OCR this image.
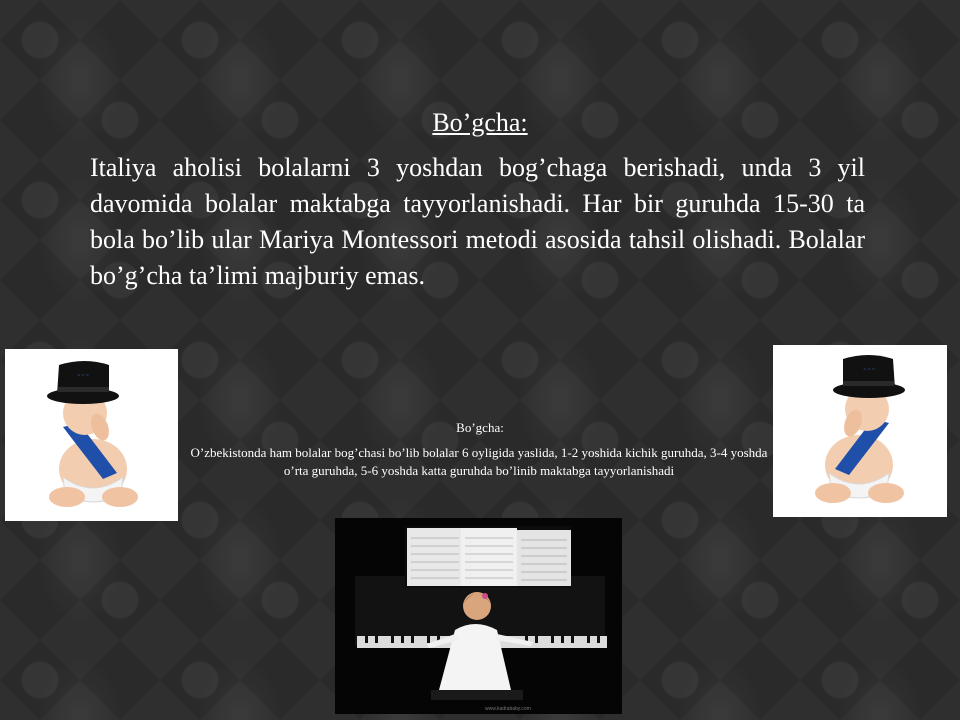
Bo’gcha:

Italiya aholisi bolalarni 3 yoshdan bog’chaga berishadi, unda 3 yil davomida bolalar maktabga tayyorlanishadi. Har bir guruhda 15-30 ta bola bo’lib ular Mariya Montessori metodi asosida tahsil olishadi. Bolalar bo’g’cha ta’limi majburiy emas.

~ ~ ~
~ ~ ~

Bo’gcha:

O’zbekistonda ham bolalar bog’chasi bo’lib bolalar 6 oyligida yaslida, 1-2 yoshida kichik guruhda, 3-4 yoshda o’rta guruhda, 5-6 yoshda katta guruhda bo’linib maktabga tayyorlanishadi

www.kadrababy.com
